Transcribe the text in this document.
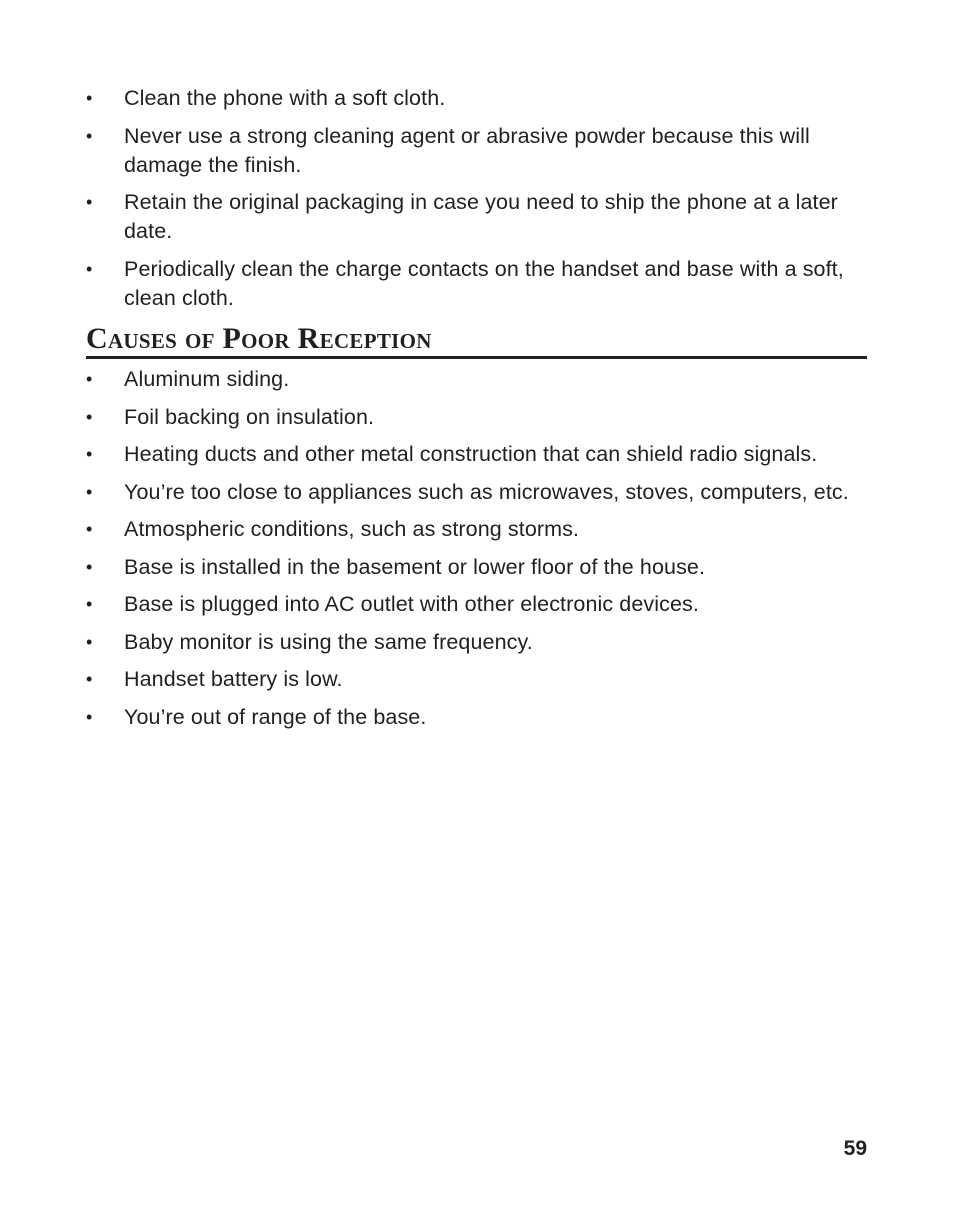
•	Clean the phone with a soft cloth.
•	Never use a strong cleaning agent or abrasive powder because this will damage the finish.
•	Retain the original packaging in case you need to ship the phone at a later date.
•	Periodically clean the charge contacts on the handset and base with a soft, clean cloth.
Causes of Poor Reception
•	Aluminum siding.
•	Foil backing on insulation.
•	Heating ducts and other metal construction that can shield radio signals.
•	You’re too close to appliances such as microwaves, stoves, computers, etc.
•	Atmospheric conditions, such as strong storms.
•	Base is installed in the basement or lower floor of the house.
•	Base is plugged into AC outlet with other electronic devices.
•	Baby monitor is using the same frequency.
•	Handset battery is low.
•	You’re out of range of the base.
59
